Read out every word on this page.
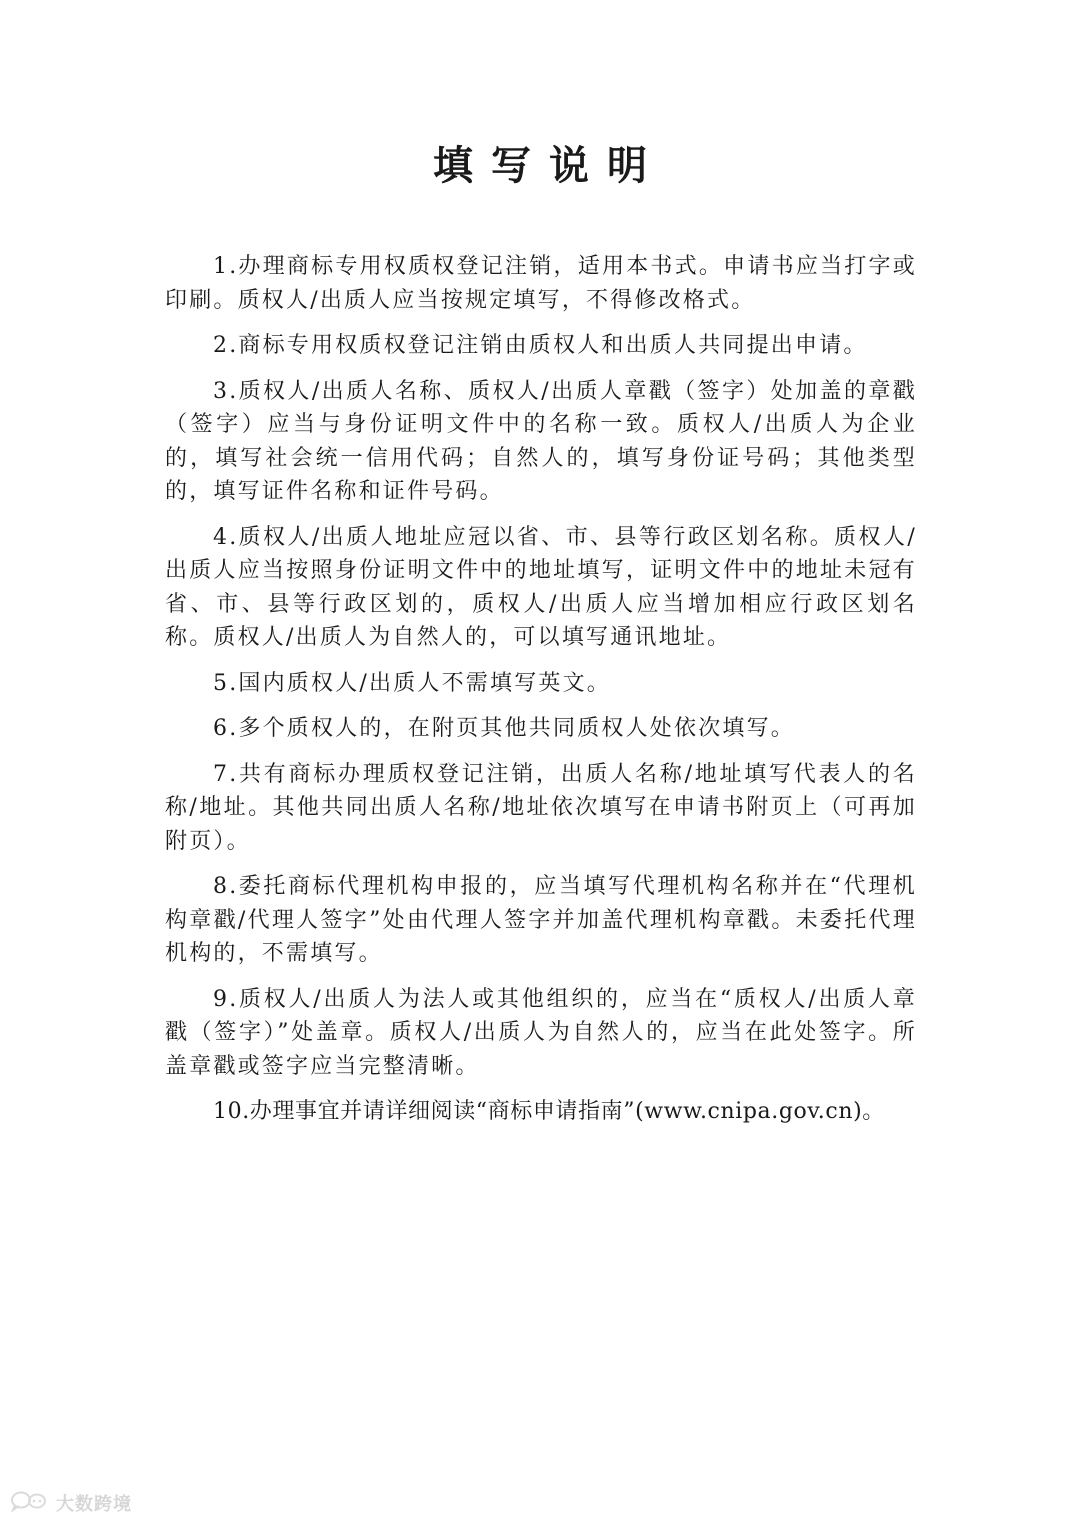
填写说明

1.办理商标专用权质权登记注销，适用本书式。申请书应当打字或印刷。质权人/出质人应当按规定填写，不得修改格式。

2.商标专用权质权登记注销由质权人和出质人共同提出申请。

3.质权人/出质人名称、质权人/出质人章戳（签字）处加盖的章戳（签字）应当与身份证明文件中的名称一致。质权人/出质人为企业的，填写社会统一信用代码；自然人的，填写身份证号码；其他类型的，填写证件名称和证件号码。

4.质权人/出质人地址应冠以省、市、县等行政区划名称。质权人/出质人应当按照身份证明文件中的地址填写，证明文件中的地址未冠有省、市、县等行政区划的，质权人/出质人应当增加相应行政区划名称。质权人/出质人为自然人的，可以填写通讯地址。

5.国内质权人/出质人不需填写英文。

6.多个质权人的，在附页其他共同质权人处依次填写。

7.共有商标办理质权登记注销，出质人名称/地址填写代表人的名称/地址。其他共同出质人名称/地址依次填写在申请书附页上（可再加附页）。

8.委托商标代理机构申报的，应当填写代理机构名称并在“代理机构章戳/代理人签字”处由代理人签字并加盖代理机构章戳。未委托代理机构的，不需填写。

9.质权人/出质人为法人或其他组织的，应当在“质权人/出质人章戳（签字）”处盖章。质权人/出质人为自然人的，应当在此处签字。所盖章戳或签字应当完整清晰。

10.办理事宜并请详细阅读“商标申请指南”(www.cnipa.gov.cn)。

大数跨境
